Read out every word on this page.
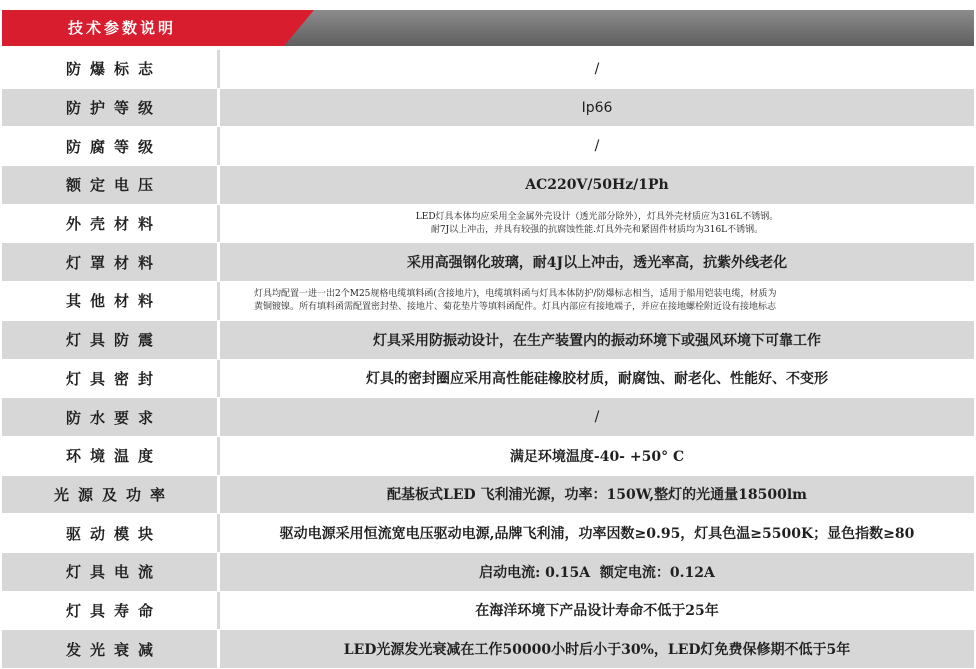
技术参数说明
防爆标志	/
防护等级	Ip66
防腐等级	/
额定电压	AC220V/50Hz/1Ph
外壳材料	LED灯具本体均应采用全金属外壳设计（透光部分除外），灯具外壳材质应为316L不锈钢。
耐7J以上冲击，并具有较强的抗腐蚀性能.灯具外壳和紧固件材质均为316L不锈钢。
灯罩材料	采用高强钢化玻璃，耐4J以上冲击，透光率高，抗紫外线老化
其他材料	灯具均配置一进一出2个M25规格电缆填料函(含接地片)，电缆填料函与灯具本体防护/防爆标志相当，适用于船用铠装电缆，材质为
黄铜镀镍。所有填料函需配置密封垫、接地片、菊花垫片等填料函配件。灯具内部应有接地端子，并应在接地螺栓附近设有接地标志
灯具防震	灯具采用防振动设计，在生产装置内的振动环境下或强风环境下可靠工作
灯具密封	灯具的密封圈应采用高性能硅橡胶材质，耐腐蚀、耐老化、性能好、不变形
防水要求	/
环境温度	满足环境温度-40- +50° C
光源及功率	配基板式LED 飞利浦光源，功率：150W,整灯的光通量18500lm
驱动模块	驱动电源采用恒流宽电压驱动电源,品牌飞利浦，功率因数≥0.95，灯具色温≥5500K；显色指数≥80
灯具电流	启动电流: 0.15A  额定电流：0.12A
灯具寿命	在海洋环境下产品设计寿命不低于25年
发光衰减	LED光源发光衰减在工作50000小时后小于30%，LED灯免费保修期不低于5年
